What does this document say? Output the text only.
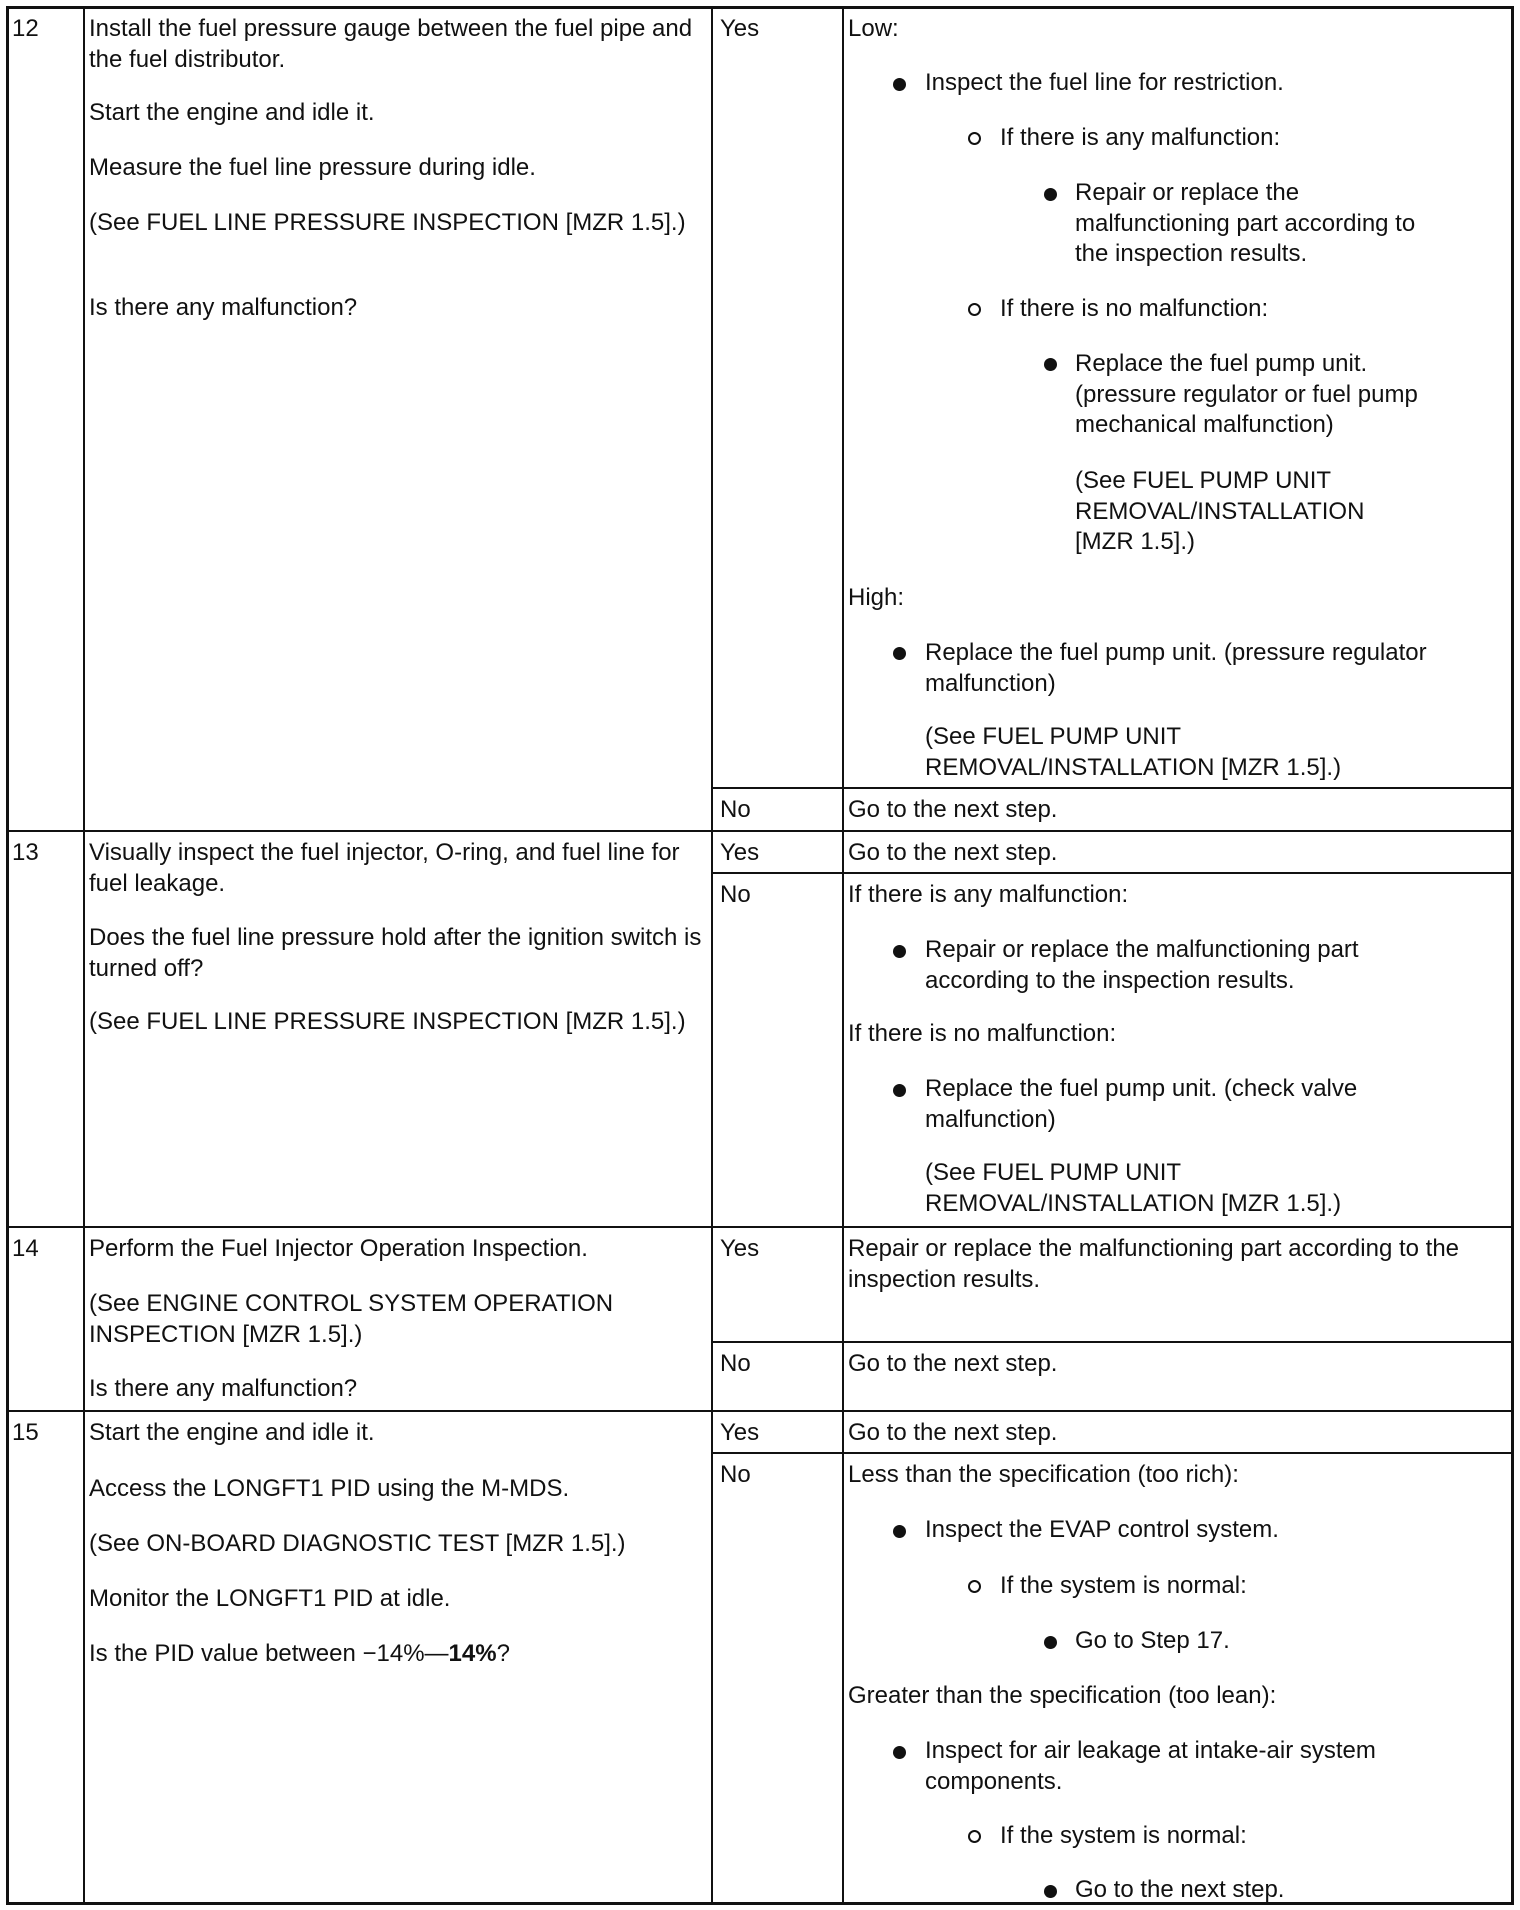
12 Install the fuel pressure gauge between the fuel pipe and the fuel distributor.
Start the engine and idle it.
Measure the fuel line pressure during idle.
(See FUEL LINE PRESSURE INSPECTION [MZR 1.5].)
Is there any malfunction?
Yes	Low:
Inspect the fuel line for restriction.
If there is any malfunction:
Repair or replace the malfunctioning part according to the inspection results.
If there is no malfunction:
Replace the fuel pump unit. (pressure regulator or fuel pump mechanical malfunction)
(See FUEL PUMP UNIT REMOVAL/INSTALLATION [MZR 1.5].)
High:
Replace the fuel pump unit. (pressure regulator malfunction)
(See FUEL PUMP UNIT REMOVAL/INSTALLATION [MZR 1.5].)
No	Go to the next step.
13 Visually inspect the fuel injector, O-ring, and fuel line for fuel leakage.
Does the fuel line pressure hold after the ignition switch is turned off?
(See FUEL LINE PRESSURE INSPECTION [MZR 1.5].)
Yes	Go to the next step.
No	If there is any malfunction:
Repair or replace the malfunctioning part according to the inspection results.
If there is no malfunction:
Replace the fuel pump unit. (check valve malfunction)
(See FUEL PUMP UNIT REMOVAL/INSTALLATION [MZR 1.5].)
14 Perform the Fuel Injector Operation Inspection.
(See ENGINE CONTROL SYSTEM OPERATION INSPECTION [MZR 1.5].)
Is there any malfunction?
Yes	Repair or replace the malfunctioning part according to the inspection results.
No	Go to the next step.
15 Start the engine and idle it.
Access the LONGFT1 PID using the M-MDS.
(See ON-BOARD DIAGNOSTIC TEST [MZR 1.5].)
Monitor the LONGFT1 PID at idle.
Is the PID value between −14%—14%?
Yes	Go to the next step.
No	Less than the specification (too rich):
Inspect the EVAP control system.
If the system is normal:
Go to Step 17.
Greater than the specification (too lean):
Inspect for air leakage at intake-air system components.
If the system is normal:
Go to the next step.
